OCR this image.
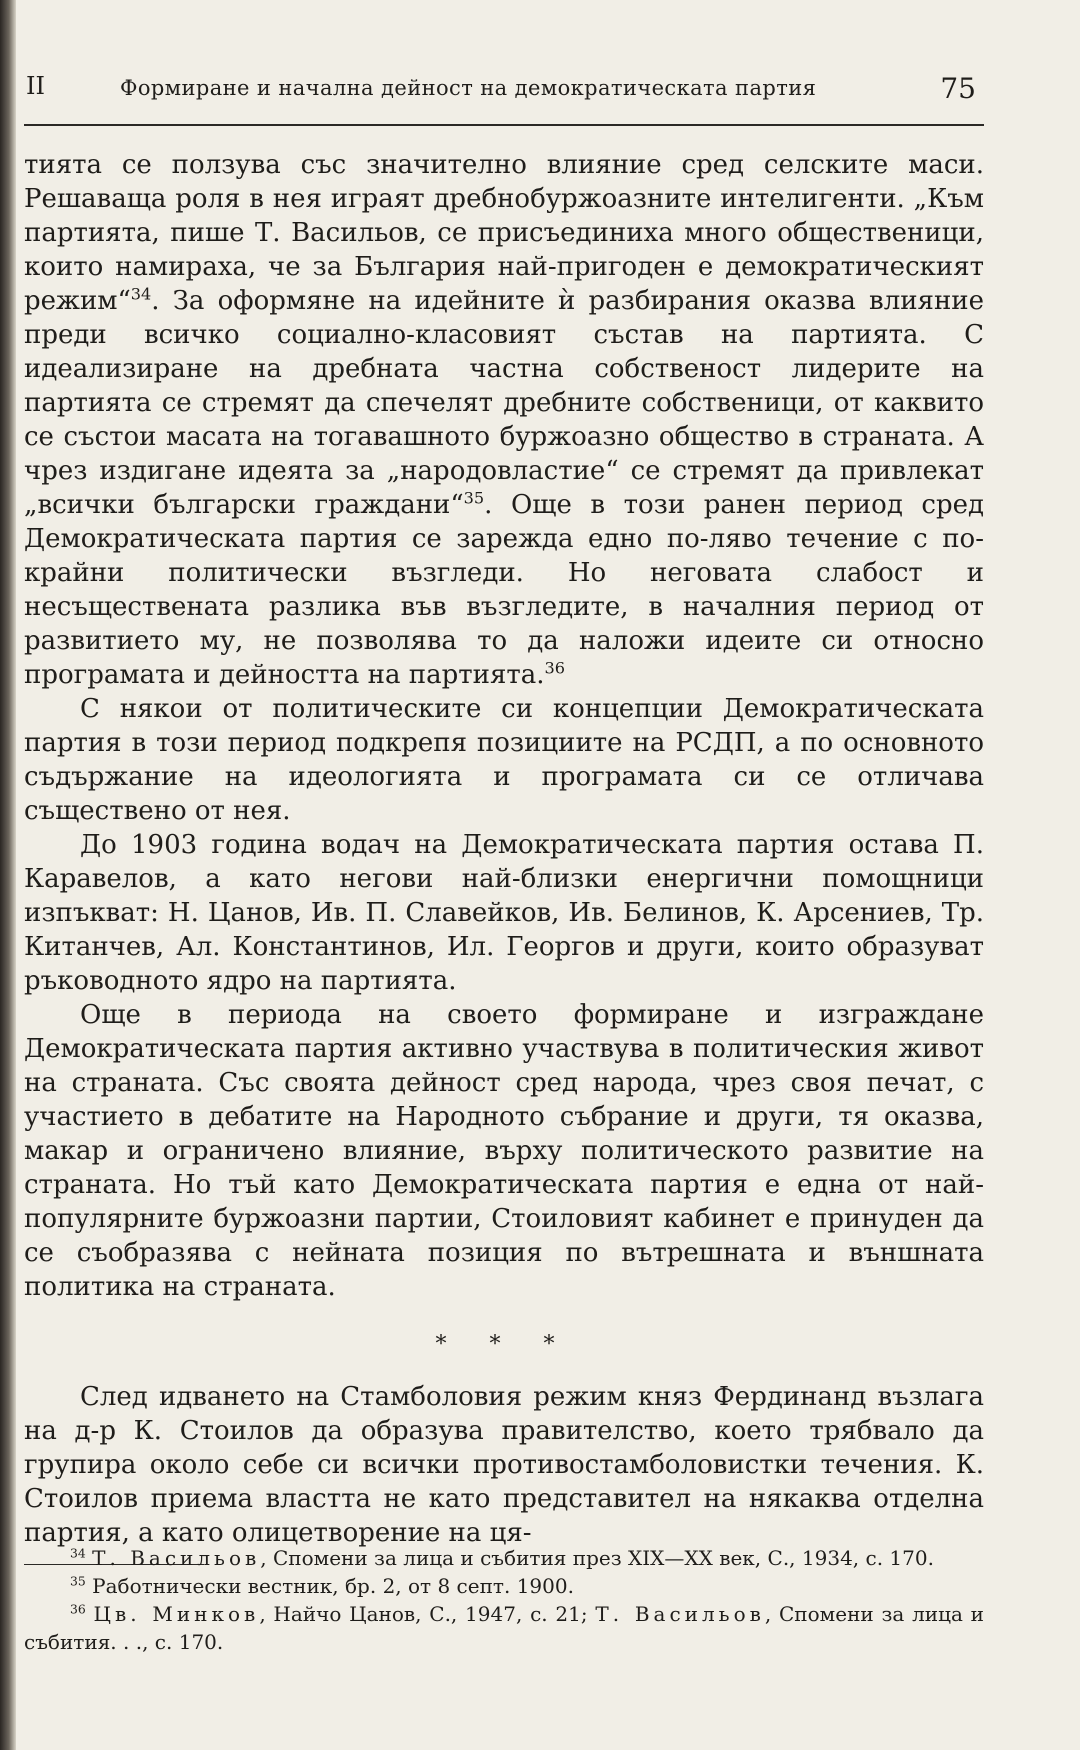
II	Формиране и начална дейност на демократическата партия	75

тията се ползува със значително влияние сред селските маси. Решаваща роля в нея играят дребнобуржоазните интелигенти. „Към партията, пише Т. Васильов, се присъединиха много общественици, които намираха, че за България най-пригоден е демократическият режим“$^{34}$. За оформяне на идейните ѝ разбирания оказва влияние преди всичко социално-класовият състав на партията. С идеализиране на дребната частна собственост лидерите на партията се стремят да спечелят дребните собственици, от каквито се състои масата на тогавашното буржоазно общество в страната. А чрез издигане идеята за „народовластие“ се стремят да привлекат „всички български граждани“$^{35}$. Още в този ранен период сред Демократическата партия се зарежда едно по-ляво течение с по-крайни политически възгледи. Но неговата слабост и несъществената разлика във възгледите, в началния период от развитието му, не позволява то да наложи идеите си относно програмата и дейността на партията.$^{36}$

С някои от политическите си концепции Демократическата партия в този период подкрепя позициите на РСДП, а по основното съдържание на идеологията и програмата си се отличава съществено от нея.

До 1903 година водач на Демократическата партия остава П. Каравелов, а като негови най-близки енергични помощници изпъкват: Н. Цанов, Ив. П. Славейков, Ив. Белинов, К. Арсениев, Тр. Китанчев, Ал. Константинов, Ил. Георгов и други, които образуват ръководното ядро на партията.

Още в периода на своето формиране и изграждане Демократическата партия активно участвува в политическия живот на страната. Със своята дейност сред народа, чрез своя печат, с участието в дебатите на Народното събрание и други, тя оказва, макар и ограничено влияние, върху политическото развитие на страната. Но тъй като Демократическата партия е една от най-популярните буржоазни партии, Стоиловият кабинет е принуден да се съобразява с нейната позиция по вътрешната и външната политика на страната.

* * *

След идването на Стамболовия режим княз Фердинанд възлага на д-р К. Стоилов да образува правителство, което трябвало да групира около себе си всички противостамболовистки течения. К. Стоилов приема властта не като представител на някаква отделна партия, а като олицетворение на ця-

$^{34}$ Т. Васильов, Спомени за лица и събития през XIX—XX век, С., 1934, с. 170.

$^{35}$ Работнически вестник, бр. 2, от 8 септ. 1900.

$^{36}$ Цв. Минков, Найчо Цанов, С., 1947, с. 21; Т. Васильов, Спомени за лица и събития. . ., с. 170.
